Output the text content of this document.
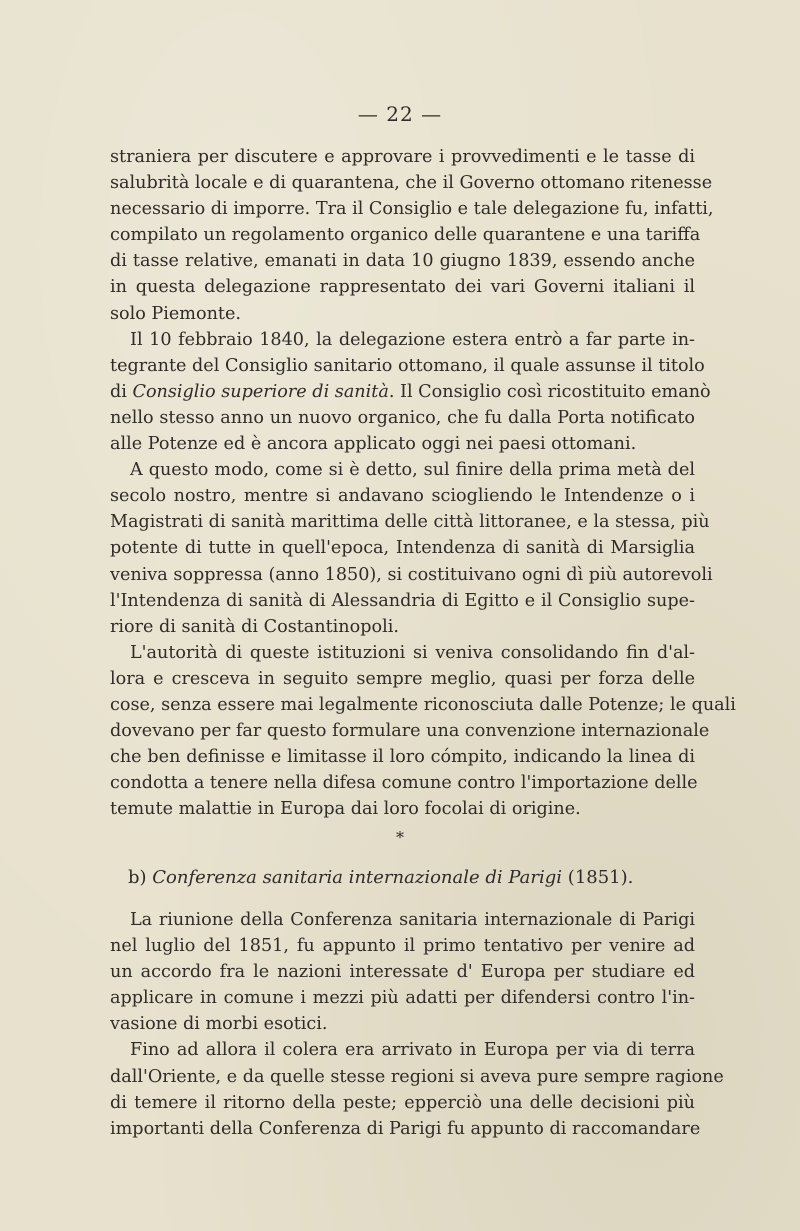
— 22 —

straniera per discutere e approvare i provvedimenti e le tasse di
salubrità locale e di quarantena, che il Governo ottomano ritenesse
necessario di imporre. Tra il Consiglio e tale delegazione fu, infatti,
compilato un regolamento organico delle quarantene e una tariffa
di tasse relative, emanati in data 10 giugno 1839, essendo anche
in questa delegazione rappresentato dei vari Governi italiani il
solo Piemonte.

Il 10 febbraio 1840, la delegazione estera entrò a far parte in-
tegrante del Consiglio sanitario ottomano, il quale assunse il titolo
di Consiglio superiore di sanità. Il Consiglio così ricostituito emanò
nello stesso anno un nuovo organico, che fu dalla Porta notificato
alle Potenze ed è ancora applicato oggi nei paesi ottomani.

A questo modo, come si è detto, sul finire della prima metà del
secolo nostro, mentre si andavano sciogliendo le Intendenze o i
Magistrati di sanità marittima delle città littoranee, e la stessa, più
potente di tutte in quell'epoca, Intendenza di sanità di Marsiglia
veniva soppressa (anno 1850), si costituivano ogni dì più autorevoli
l'Intendenza di sanità di Alessandria di Egitto e il Consiglio supe-
riore di sanità di Costantinopoli.

L'autorità di queste istituzioni si veniva consolidando fin d'al-
lora e cresceva in seguito sempre meglio, quasi per forza delle
cose, senza essere mai legalmente riconosciuta dalle Potenze; le quali
dovevano per far questo formulare una convenzione internazionale
che ben definisse e limitasse il loro cómpito, indicando la linea di
condotta a tenere nella difesa comune contro l'importazione delle
temute malattie in Europa dai loro focolai di origine.

*
b) Conferenza sanitaria internazionale di Parigi (1851).

La riunione della Conferenza sanitaria internazionale di Parigi
nel luglio del 1851, fu appunto il primo tentativo per venire ad
un accordo fra le nazioni interessate d' Europa per studiare ed
applicare in comune i mezzi più adatti per difendersi contro l'in-
vasione di morbi esotici.

Fino ad allora il colera era arrivato in Europa per via di terra
dall'Oriente, e da quelle stesse regioni si aveva pure sempre ragione
di temere il ritorno della peste; epperciò una delle decisioni più
importanti della Conferenza di Parigi fu appunto di raccomandare
